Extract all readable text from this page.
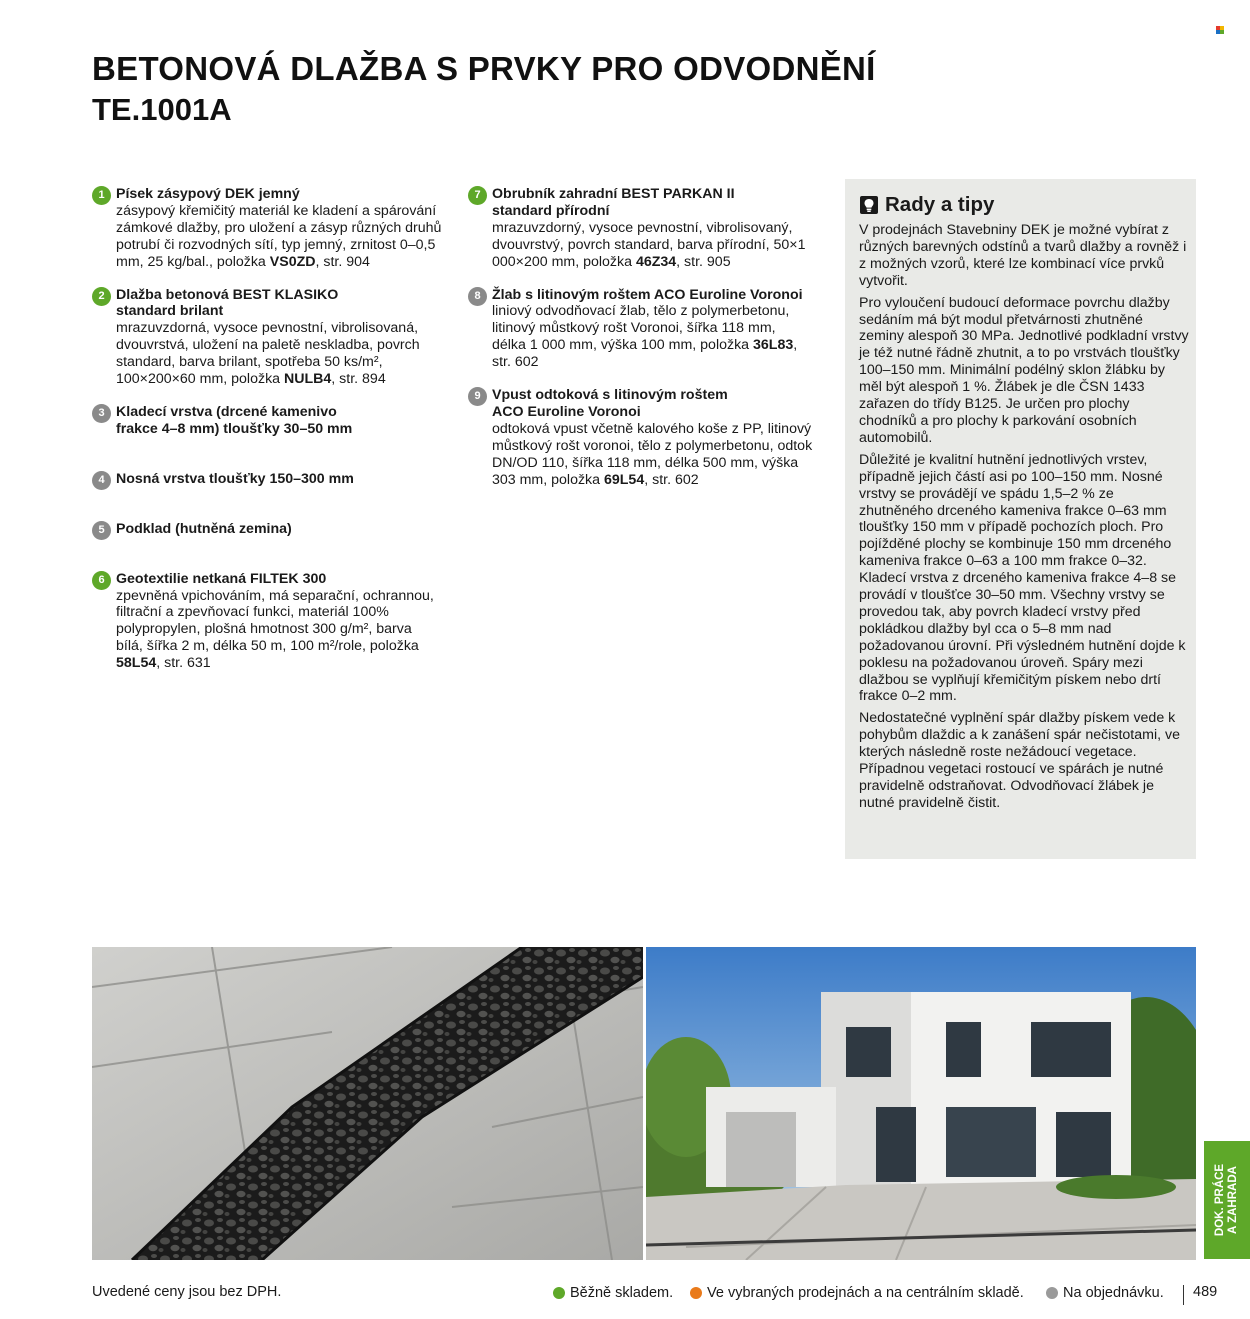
BETONOVÁ DLAŽBA S PRVKY PRO ODVODNĚNÍ
TE.1001A
1 Písek zásypový DEK jemný
zásypový křemičitý materiál ke kladení a spárování zámkové dlažby, pro uložení a zásyp různých druhů potrubí či rozvodných sítí, typ jemný, zrnitost 0–0,5 mm, 25 kg/bal., položka VS0ZD, str. 904
2 Dlažba betonová BEST KLASIKO standard brilant
mrazuvzdorná, vysoce pevnostní, vibrolisovaná, dvouvrstvá, uložení na paletě neskladba, povrch standard, barva brilant, spotřeba 50 ks/m², 100×200×60 mm, položka NULB4, str. 894
3 Kladecí vrstva (drcené kamenivo frakce 4–8 mm) tloušťky 30–50 mm
4 Nosná vrstva tloušťky 150–300 mm
5 Podklad (hutněná zemina)
6 Geotextilie netkaná FILTEK 300
zpevněná vpichováním, má separační, ochrannou, filtrační a zpevňovací funkci, materiál 100% polypropylen, plošná hmotnost 300 g/m², barva bílá, šířka 2 m, délka 50 m, 100 m²/role, položka 58L54, str. 631
7 Obrubník zahradní BEST PARKAN II standard přírodní
mrazuvzdorný, vysoce pevnostní, vibrolisovaný, dvouvrstvý, povrch standard, barva přírodní, 50×1 000×200 mm, položka 46Z34, str. 905
8 Žlab s litinovým roštem ACO Euroline Voronoi
liniový odvodňovací žlab, tělo z polymerbetonu, litinový můstkový rošt Voronoi, šířka 118 mm, délka 1 000 mm, výška 100 mm, položka 36L83, str. 602
9 Vpust odtoková s litinovým roštem ACO Euroline Voronoi
odtoková vpust včetně kalového koše z PP, litinový můstkový rošt voronoi, tělo z polymerbetonu, odtok DN/OD 110, šířka 118 mm, délka 500 mm, výška 303 mm, položka 69L54, str. 602
Rady a tipy

V prodejnách Stavebniny DEK je možné vybírat z různých barevných odstínů a tvarů dlažby a rovněž i z možných vzorů, které lze kombinací více prvků vytvořit.

Pro vyloučení budoucí deformace povrchu dlažby sedáním má být modul přetvárnosti zhutněné zeminy alespoň 30 MPa. Jednotlivé podkladní vrstvy je též nutné řádně zhutnit, a to po vrstvách tloušťky 100–150 mm. Minimální podélný sklon žlábku by měl být alespoň 1 %. Žlábek je dle ČSN 1433 zařazen do třídy B125. Je určen pro plochy chodníků a pro plochy k parkování osobních automobilů.

Důležité je kvalitní hutnění jednotlivých vrstev, případně jejich částí asi po 100–150 mm. Nosné vrstvy se provádějí ve spádu 1,5–2 % ze zhutněného drceného kameniva frakce 0–63 mm tloušťky 150 mm v případě pochozích ploch. Pro pojížděné plochy se kombinuje 150 mm drceného kameniva frakce 0–63 a 100 mm frakce 0–32. Kladecí vrstva z drceného kameniva frakce 4–8 se provádí v tloušťce 30–50 mm. Všechny vrstvy se provedou tak, aby povrch kladecí vrstvy před pokládkou dlažby byl cca o 5–8 mm nad požadovanou úrovní. Při výsledném hutnění dojde k poklesu na požadovanou úroveň. Spáry mezi dlažbou se vyplňují křemičitým pískem nebo drtí frakce 0–2 mm.

Nedostatečné vyplnění spár dlažby pískem vede k pohybům dlaždic a k zanášení spár nečistotami, ve kterých následně roste nežádoucí vegetace. Případnou vegetaci rostoucí ve spárách je nutné pravidelně odstraňovat. Odvodňovací žlábek je nutné pravidelně čistit.

DOK. PRÁCE A ZAHRADA
Uvedené ceny jsou bez DPH.	Běžně skladem. Ve vybraných prodejnách a na centrálním skladě.	Na objednávku. 489
